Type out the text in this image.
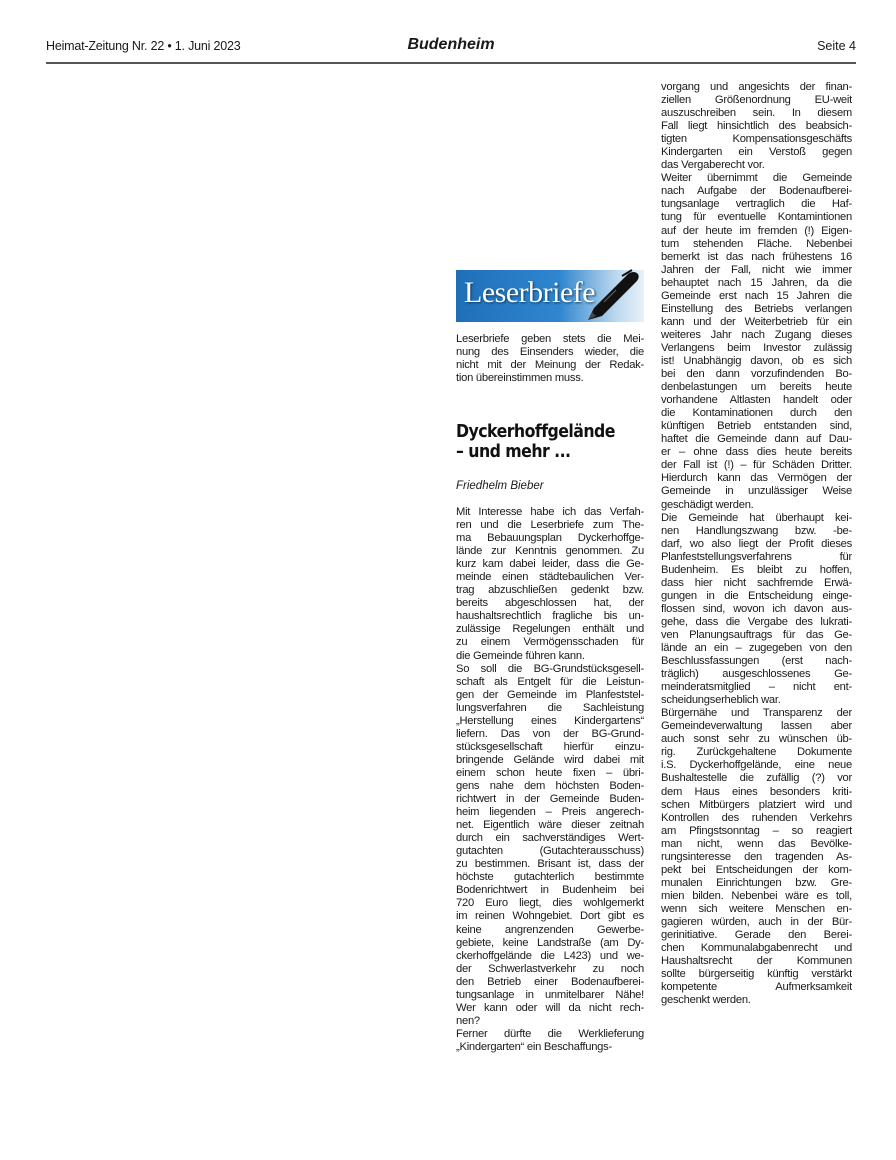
Heimat-Zeitung Nr. 22 • 1. Juni 2023	Budenheim	Seite 4
Leserbriefe
Leserbriefe geben stets die Mei-
nung des Einsenders wieder, die
nicht mit der Meinung der Redak-
tion übereinstimmen muss.
Dyckerhoffgelände
– und mehr ...
Friedhelm Bieber
Mit Interesse habe ich das Verfah-
ren und die Leserbriefe zum The-
ma Bebauungsplan Dyckerhoffge-
lände zur Kenntnis genommen. Zu
kurz kam dabei leider, dass die Ge-
meinde einen städtebaulichen Ver-
trag abzuschließen gedenkt bzw.
bereits abgeschlossen hat, der
haushaltsrechtlich fragliche bis un-
zulässige Regelungen enthält und
zu einem Vermögensschaden für
die Gemeinde führen kann.
So soll die BG-Grundstücksgesell-
schaft als Entgelt für die Leistun-
gen der Gemeinde im Planfeststel-
lungsverfahren die Sachleistung
„Herstellung eines Kindergartens“
liefern. Das von der BG-Grund-
stücksgesellschaft hierfür einzu-
bringende Gelände wird dabei mit
einem schon heute fixen – übri-
gens nahe dem höchsten Boden-
richtwert in der Gemeinde Buden-
heim liegenden – Preis angerech-
net. Eigentlich wäre dieser zeitnah
durch ein sachverständiges Wert-
gutachten (Gutachterausschuss)
zu bestimmen. Brisant ist, dass der
höchste gutachterlich bestimmte
Bodenrichtwert in Budenheim bei
720 Euro liegt, dies wohlgemerkt
im reinen Wohngebiet. Dort gibt es
keine angrenzenden Gewerbe-
gebiete, keine Landstraße (am Dy-
ckerhoffgelände die L423) und we-
der Schwerlastverkehr zu noch
den Betrieb einer Bodenaufberei-
tungsanlage in unmitelbarer Nähe!
Wer kann oder will da nicht rech-
nen?
Ferner dürfte die Werklieferung
„Kindergarten“ ein Beschaffungs-
vorgang und angesichts der finan-
ziellen Größenordnung EU-weit
auszuschreiben sein. In diesem
Fall liegt hinsichtlich des beabsich-
tigten Kompensationsgeschäfts
Kindergarten ein Verstoß gegen
das Vergaberecht vor.
Weiter übernimmt die Gemeinde
nach Aufgabe der Bodenaufberei-
tungsanlage vertraglich die Haf-
tung für eventuelle Kontamintionen
auf der heute im fremden (!) Eigen-
tum stehenden Fläche. Nebenbei
bemerkt ist das nach frühestens 16
Jahren der Fall, nicht wie immer
behauptet nach 15 Jahren, da die
Gemeinde erst nach 15 Jahren die
Einstellung des Betriebs verlangen
kann und der Weiterbetrieb für ein
weiteres Jahr nach Zugang dieses
Verlangens beim Investor zulässig
ist! Unabhängig davon, ob es sich
bei den dann vorzufindenden Bo-
denbelastungen um bereits heute
vorhandene Altlasten handelt oder
die Kontaminationen durch den
künftigen Betrieb entstanden sind,
haftet die Gemeinde dann auf Dau-
er – ohne dass dies heute bereits
der Fall ist (!) – für Schäden Dritter.
Hierdurch kann das Vermögen der
Gemeinde in unzulässiger Weise
geschädigt werden.
Die Gemeinde hat überhaupt kei-
nen Handlungszwang bzw. -be-
darf, wo also liegt der Profit dieses
Planfeststellungsverfahrens für
Budenheim. Es bleibt zu hoffen,
dass hier nicht sachfremde Erwä-
gungen in die Entscheidung einge-
flossen sind, wovon ich davon aus-
gehe, dass die Vergabe des lukrati-
ven Planungsauftrags für das Ge-
lände an ein – zugegeben von den
Beschlussfassungen (erst nach-
träglich) ausgeschlossenes Ge-
meinderatsmitglied – nicht ent-
scheidungserheblich war.
Bürgernähe und Transparenz der
Gemeindeverwaltung lassen aber
auch sonst sehr zu wünschen üb-
rig. Zurückgehaltene Dokumente
i.S. Dyckerhoffgelände, eine neue
Bushaltestelle die zufällig (?) vor
dem Haus eines besonders kriti-
schen Mitbürgers platziert wird und
Kontrollen des ruhenden Verkehrs
am Pfingstsonntag – so reagiert
man nicht, wenn das Bevölke-
rungsinteresse den tragenden As-
pekt bei Entscheidungen der kom-
munalen Einrichtungen bzw. Gre-
mien bilden. Nebenbei wäre es toll,
wenn sich weitere Menschen en-
gagieren würden, auch in der Bür-
gerinitiative. Gerade den Berei-
chen Kommunalabgabenrecht und
Haushaltsrecht der Kommunen
sollte bürgerseitig künftig verstärkt
kompetente Aufmerksamkeit
geschenkt werden.
